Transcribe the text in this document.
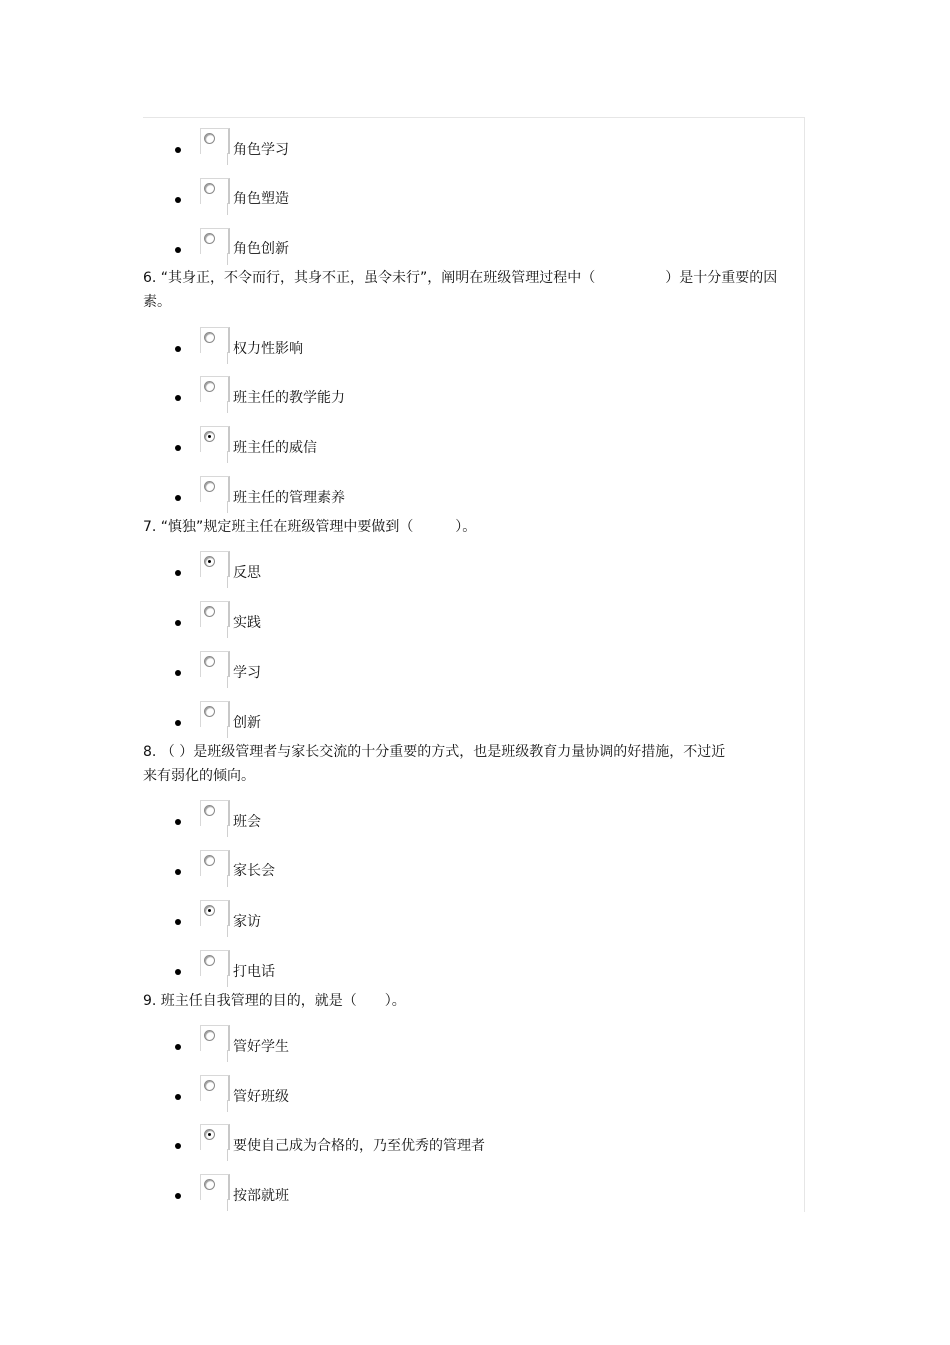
角色学习
角色塑造
角色创新
6. “其身正，不令而行，其身不正，虽令未行”，阐明在班级管理过程中（　　　　　）是十分重要的因
素。
权力性影响
班主任的教学能力
班主任的威信
班主任的管理素养
7. “慎独”规定班主任在班级管理中要做到（　　　）。
反思
实践
学习
创新
8. （ ）是班级管理者与家长交流的十分重要的方式，也是班级教育力量协调的好措施，不过近
来有弱化的倾向。
班会
家长会
家访
打电话
9. 班主任自我管理的目的，就是（　　）。
管好学生
管好班级
要使自己成为合格的，乃至优秀的管理者
按部就班
